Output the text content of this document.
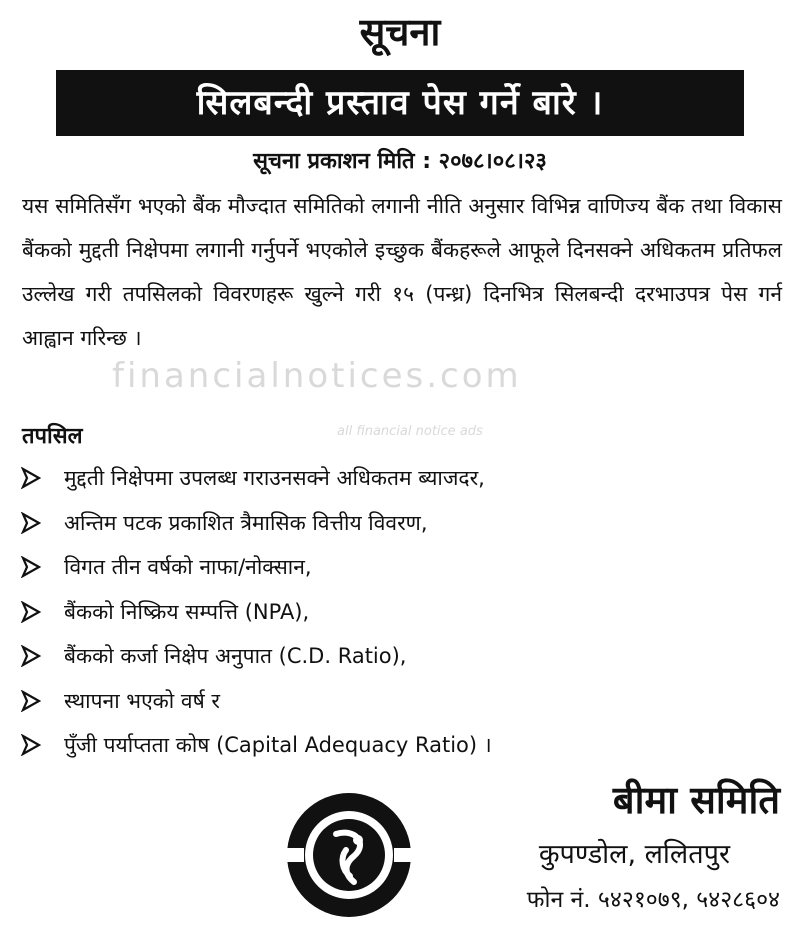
सूचना
सिलबन्दी प्रस्ताव पेस गर्ने बारे ।
सूचना प्रकाशन मिति : २०७८।०८।२३
यस समितिसँग भएको बैंक मौज्दात समितिको लगानी नीति अनुसार विभिन्न वाणिज्य बैंक तथा विकास बैंकको मुद्दती निक्षेपमा लगानी गर्नुपर्ने भएकोले इच्छुक बैंकहरूले आफूले दिनसक्ने अधिकतम प्रतिफल उल्लेख गरी तपसिलको विवरणहरू खुल्ने गरी १५ (पन्ध्र) दिनभित्र सिलबन्दी दरभाउपत्र पेस गर्न आह्वान गरिन्छ ।
financialnotices.com
all financial notice ads
तपसिल
मुद्दती निक्षेपमा उपलब्ध गराउनसक्ने अधिकतम ब्याजदर,
अन्तिम पटक प्रकाशित त्रैमासिक वित्तीय विवरण,
विगत तीन वर्षको नाफा/नोक्सान,
बैंकको निष्क्रिय सम्पत्ति (NPA),
बैंकको कर्जा निक्षेप अनुपात (C.D. Ratio),
स्थापना भएको वर्ष र
पुँजी पर्याप्तता कोष (Capital Adequacy Ratio) ।
बीमा समिति
कुपण्डोल, ललितपुर
फोन नं. ५४२१०७९, ५४२८६०४
